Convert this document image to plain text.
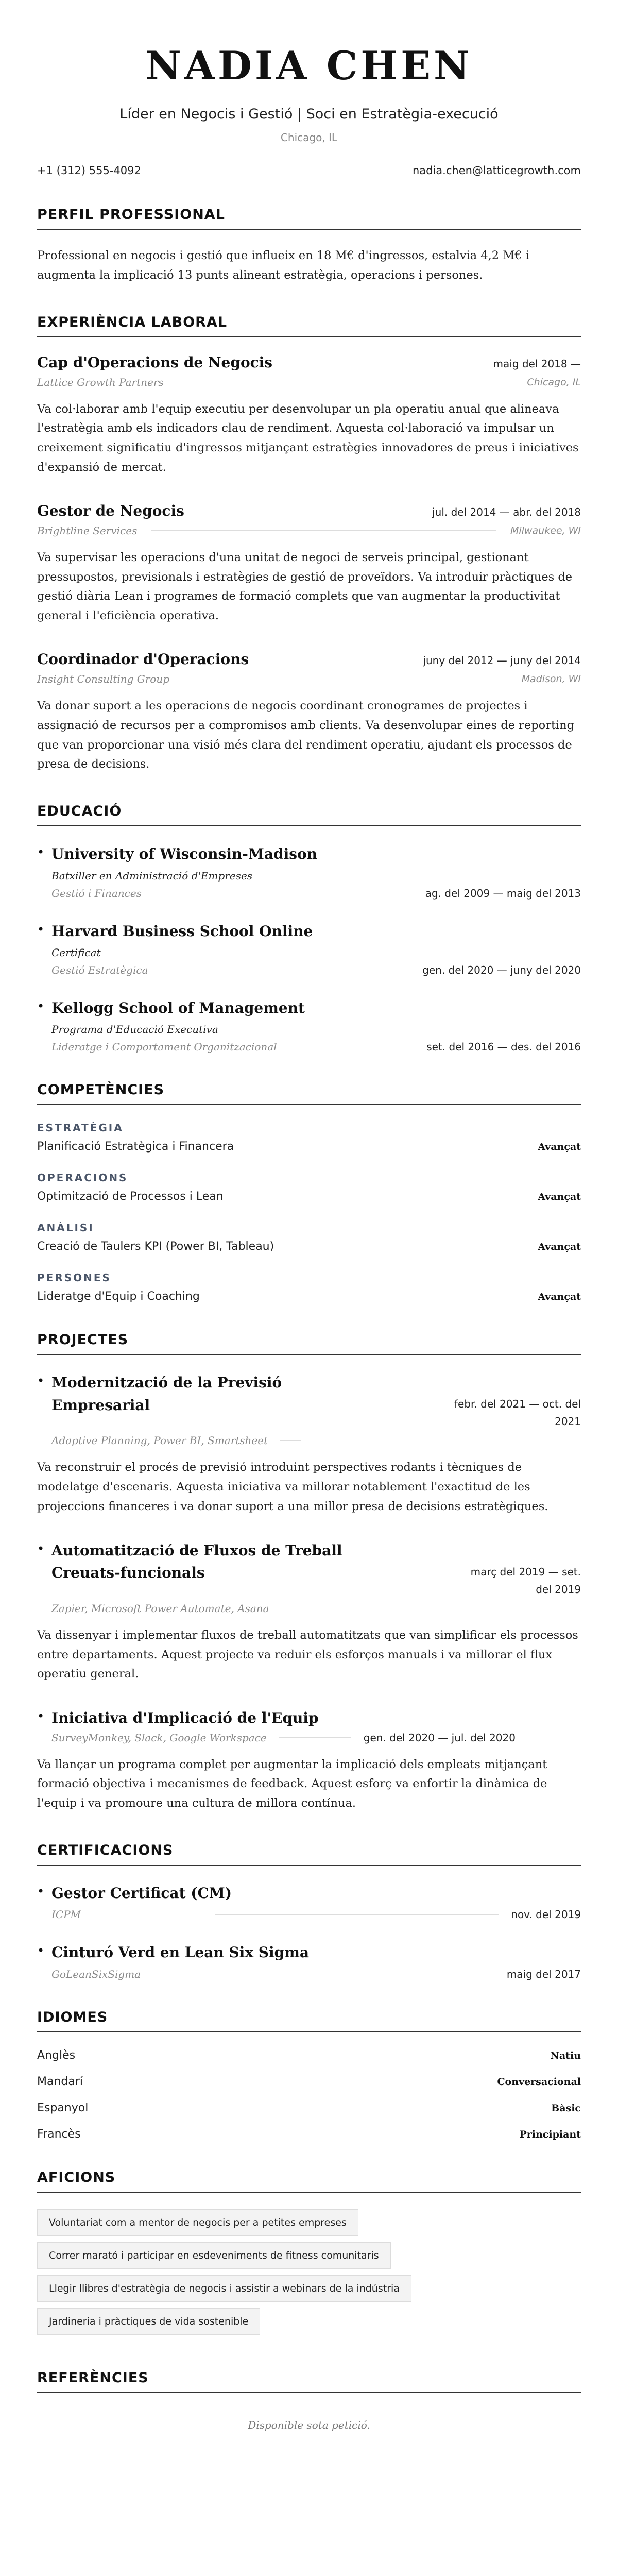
NADIA CHEN
Líder en Negocis i Gestió | Soci en Estratègia-execució
Chicago, IL
+1 (312) 555-4092	nadia.chen@latticegrowth.com
PERFIL PROFESSIONAL

Professional en negocis i gestió que influeix en 18 M€ d'ingressos, estalvia 4,2 M€ i augmenta la implicació 13 punts alineant estratègia, operacions i persones.

EXPERIÈNCIA LABORAL
Cap d'Operacions de Negocis	maig del 2018 —
Lattice Growth Partners	Chicago, IL

Va col·laborar amb l'equip executiu per desenvolupar un pla operatiu anual que alineava l'estratègia amb els indicadors clau de rendiment. Aquesta col·laboració va impulsar un creixement significatiu d'ingressos mitjançant estratègies innovadores de preus i iniciatives d'expansió de mercat.

Gestor de Negocis	jul. del 2014 — abr. del 2018
Brightline Services	Milwaukee, WI

Va supervisar les operacions d'una unitat de negoci de serveis principal, gestionant pressupostos, previsionals i estratègies de gestió de proveïdors. Va introduir pràctiques de gestió diària Lean i programes de formació complets que van augmentar la productivitat general i l'eficiència operativa.

Coordinador d'Operacions	juny del 2012 — juny del 2014
Insight Consulting Group	Madison, WI

Va donar suport a les operacions de negocis coordinant cronogrames de projectes i assignació de recursos per a compromisos amb clients. Va desenvolupar eines de reporting que van proporcionar una visió més clara del rendiment operatiu, ajudant els processos de presa de decisions.

EDUCACIÓ
• University of Wisconsin-Madison
Batxiller en Administració d'Empreses
Gestió i Finances	ag. del 2009 — maig del 2013
• Harvard Business School Online
Certificat
Gestió Estratègica	gen. del 2020 — juny del 2020
• Kellogg School of Management
Programa d'Educació Executiva
Lideratge i Comportament Organitzacional	set. del 2016 — des. del 2016
COMPETÈNCIES
ESTRATÈGIA
Planificació Estratègica i Financera	Avançat
OPERACIONS
Optimització de Processos i Lean	Avançat
ANÀLISI
Creació de Taulers KPI (Power BI, Tableau)	Avançat
PERSONES
Lideratge d'Equip i Coaching	Avançat
PROJECTES
• Modernització de la Previsió Empresarial	febr. del 2021 — oct. del
2021
Adaptive Planning, Power BI, Smartsheet

Va reconstruir el procés de previsió introduint perspectives rodants i tècniques de modelatge d'escenaris. Aquesta iniciativa va millorar notablement l'exactitud de les projeccions financeres i va donar suport a una millor presa de decisions estratègiques.

• Automatització de Fluxos de Treball Creuats-funcionals	març del 2019 — set.
del 2019
Zapier, Microsoft Power Automate, Asana

Va dissenyar i implementar fluxos de treball automatitzats que van simplificar els processos entre departaments. Aquest projecte va reduir els esforços manuals i va millorar el flux operatiu general.

• Iniciativa d'Implicació de l'Equip
SurveyMonkey, Slack, Google Workspace	gen. del 2020 — jul. del 2020

Va llançar un programa complet per augmentar la implicació dels empleats mitjançant formació objectiva i mecanismes de feedback. Aquest esforç va enfortir la dinàmica de l'equip i va promoure una cultura de millora contínua.

CERTIFICACIONS
• Gestor Certificat (CM)
ICPM	nov. del 2019
• Cinturó Verd en Lean Six Sigma
GoLeanSixSigma	maig del 2017
IDIOMES
Anglès	Natiu
Mandarí	Conversacional
Espanyol	Bàsic
Francès	Principiant
AFICIONS
Voluntariat com a mentor de negocis per a petites empreses
Correr marató i participar en esdeveniments de fitness comunitaris
Llegir llibres d'estratègia de negocis i assistir a webinars de la indústria
Jardineria i pràctiques de vida sostenible
REFERÈNCIES
Disponible sota petició.
